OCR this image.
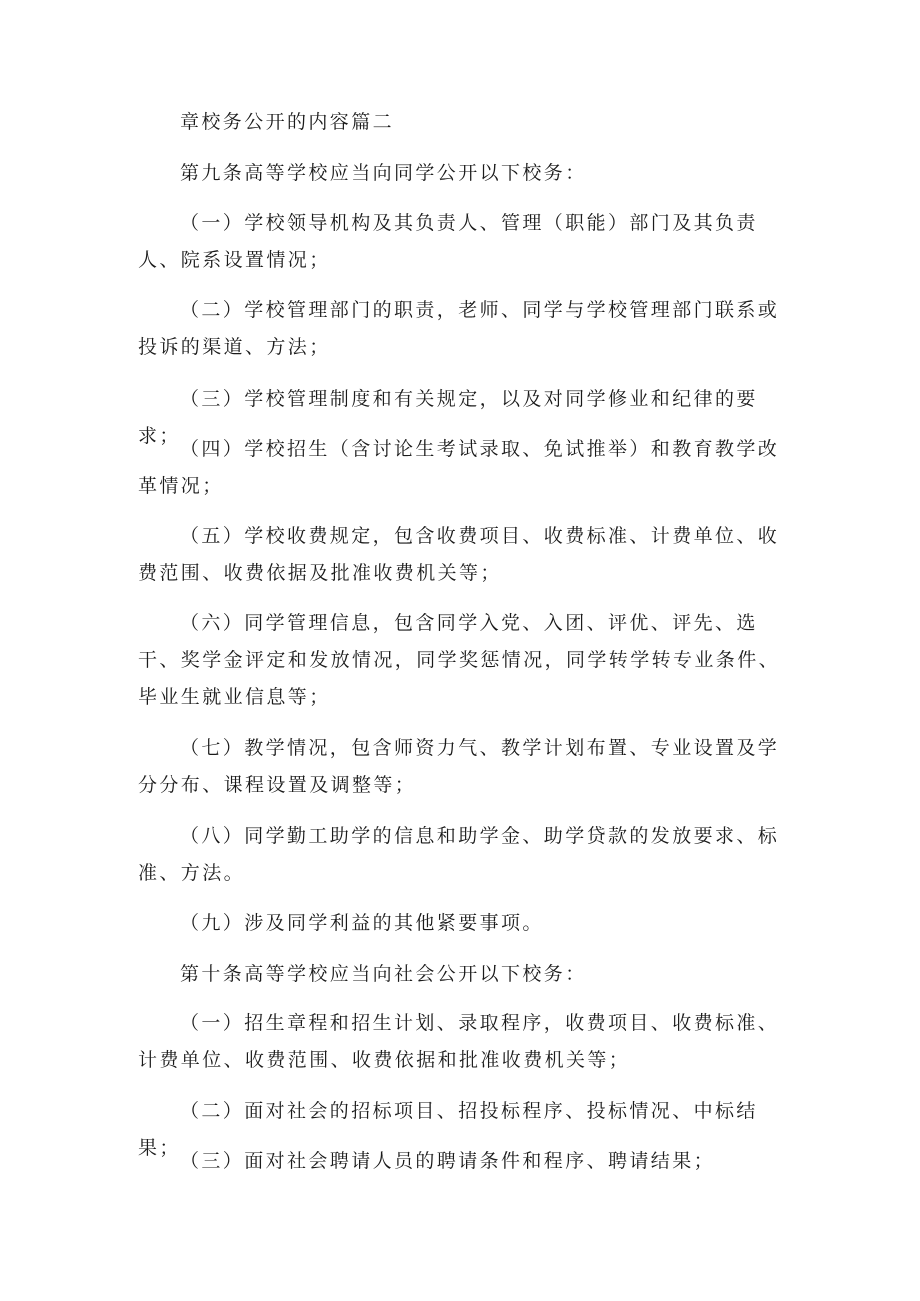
章校务公开的内容篇二

第九条高等学校应当向同学公开以下校务：

（一）学校领导机构及其负责人、管理（职能）部门及其负责人、院系设置情况；

（二）学校管理部门的职责，老师、同学与学校管理部门联系或投诉的渠道、方法；

（三）学校管理制度和有关规定，以及对同学修业和纪律的要求；

（四）学校招生（含讨论生考试录取、免试推举）和教育教学改革情况；

（五）学校收费规定，包含收费项目、收费标准、计费单位、收费范围、收费依据及批准收费机关等；

（六）同学管理信息，包含同学入党、入团、评优、评先、选干、奖学金评定和发放情况，同学奖惩情况，同学转学转专业条件、毕业生就业信息等；

（七）教学情况，包含师资力气、教学计划布置、专业设置及学分分布、课程设置及调整等；

（八）同学勤工助学的信息和助学金、助学贷款的发放要求、标准、方法。

（九）涉及同学利益的其他紧要事项。

第十条高等学校应当向社会公开以下校务：

（一）招生章程和招生计划、录取程序，收费项目、收费标准、计费单位、收费范围、收费依据和批准收费机关等；

（二）面对社会的招标项目、招投标程序、投标情况、中标结果；

（三）面对社会聘请人员的聘请条件和程序、聘请结果；
